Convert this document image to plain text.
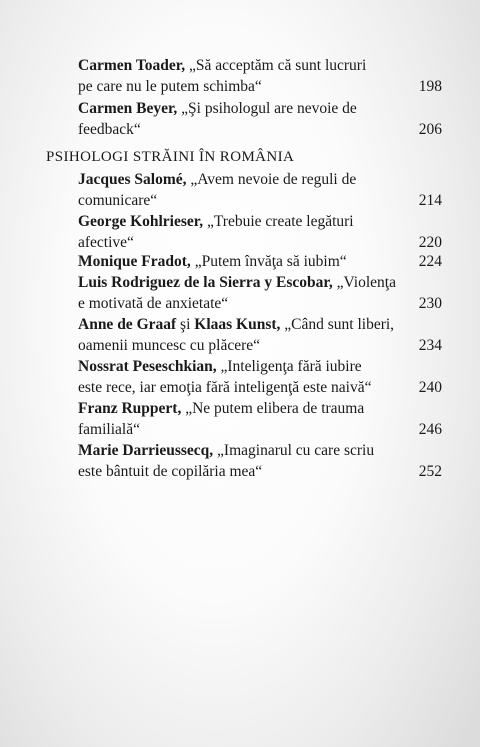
Carmen Toader, „Să acceptăm că sunt lucruri
pe care nu le putem schimba“	198
Carmen Beyer, „Şi psihologul are nevoie de
feedback“	206
PSIHOLOGI STRĂINI ÎN ROMÂNIA
Jacques Salomé, „Avem nevoie de reguli de
comunicare“	214
George Kohlrieser, „Trebuie create legături
afective“	220
Monique Fradot, „Putem învăţa să iubim“	224
Luis Rodriguez de la Sierra y Escobar, „Violenţa
e motivată de anxietate“	230
Anne de Graaf şi Klaas Kunst, „Când sunt liberi,
oamenii muncesc cu plăcere“	234
Nossrat Peseschkian, „Inteligenţa fără iubire
este rece, iar emoţia fără inteligenţă este naivă“	240
Franz Ruppert, „Ne putem elibera de trauma
familială“	246
Marie Darrieussecq, „Imaginarul cu care scriu
este bântuit de copilăria mea“	252
